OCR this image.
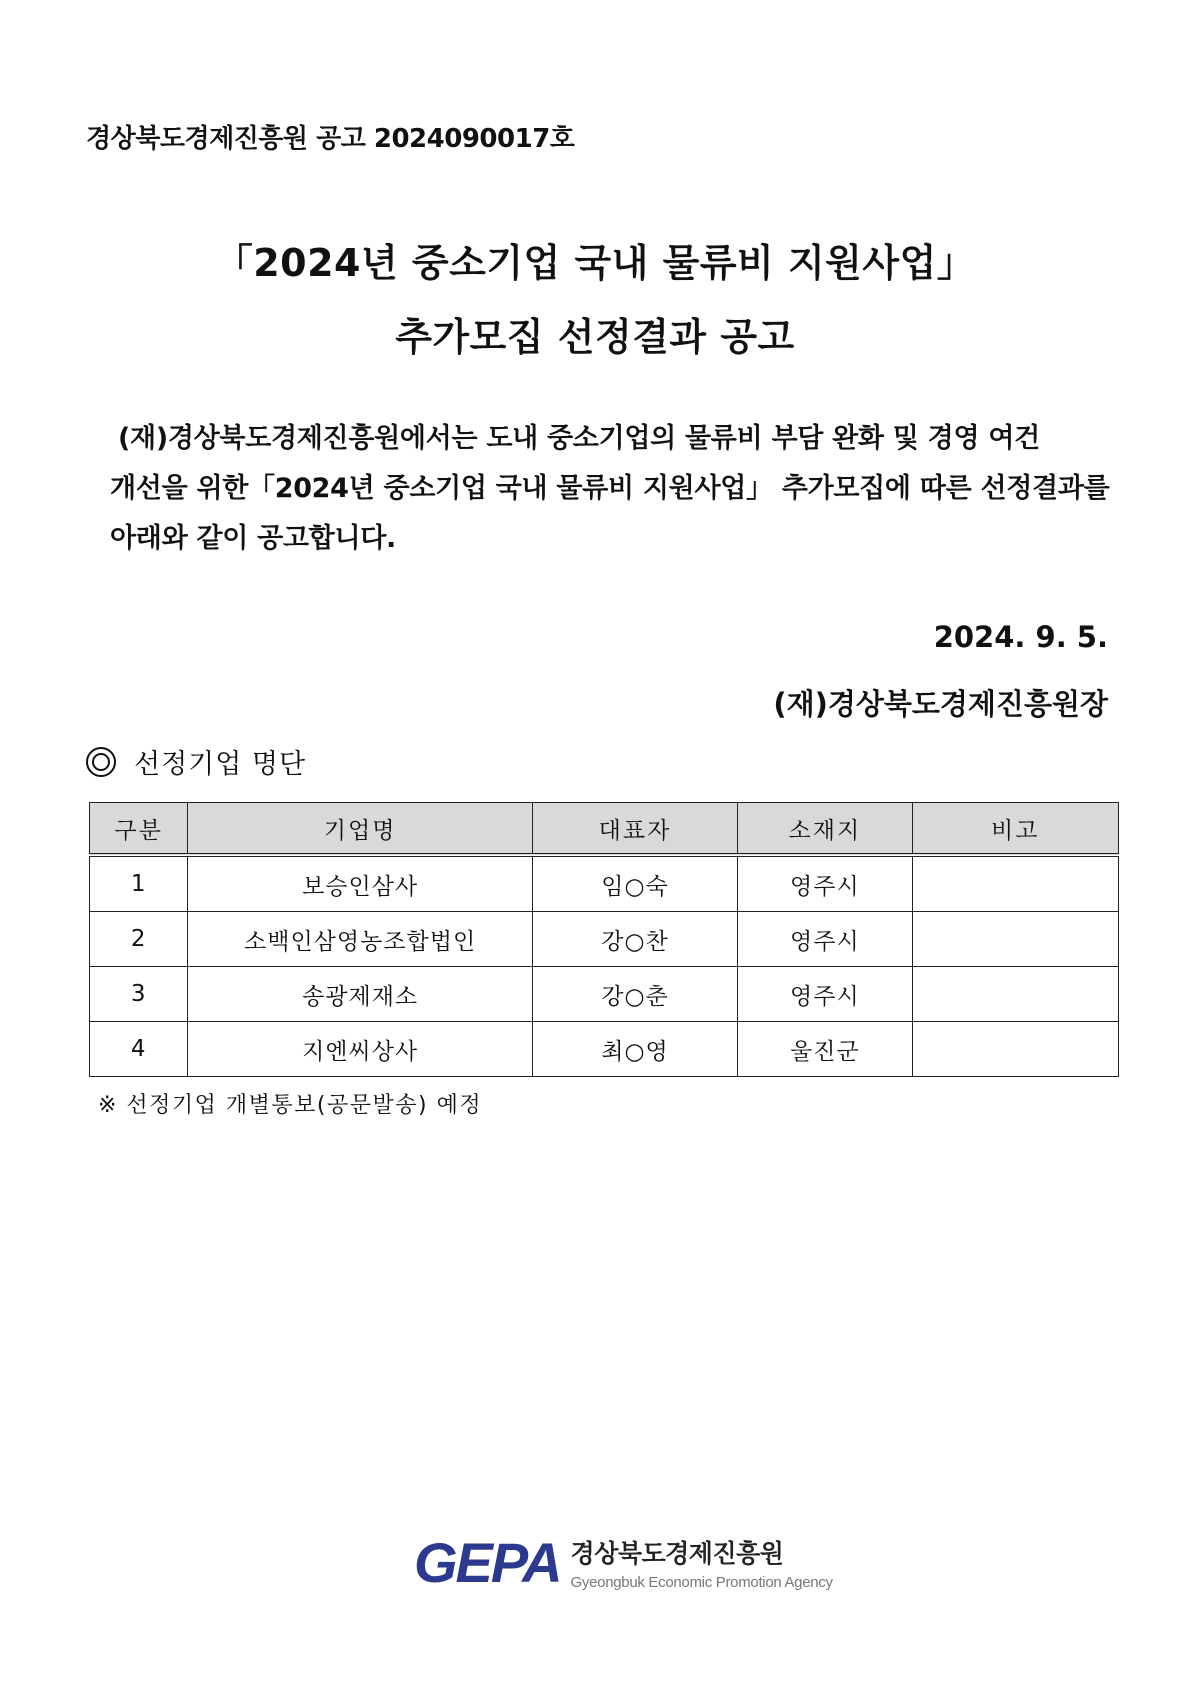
경상북도경제진흥원 공고 2024090017호
「2024년 중소기업 국내 물류비 지원사업」
추가모집 선정결과 공고

(재)경상북도경제진흥원에서는 도내 중소기업의 물류비 부담 완화 및 경영 여건

개선을 위한「2024년 중소기업 국내 물류비 지원사업」 추가모집에 따른 선정결과를

아래와 같이 공고합니다.

2024. 9. 5.
(재)경상북도경제진흥원장
선정기업 명단
구분	기업명	대표자	소재지	비고
1	보승인삼사	임○숙	영주시	
2	소백인삼영농조합법인	강○찬	영주시	
3	송광제재소	강○춘	영주시	
4	지엔씨상사	최○영	울진군	
※ 선정기업 개별통보(공문발송) 예정
GEPA 경상북도경제진흥원
Gyeongbuk Economic Promotion Agency
